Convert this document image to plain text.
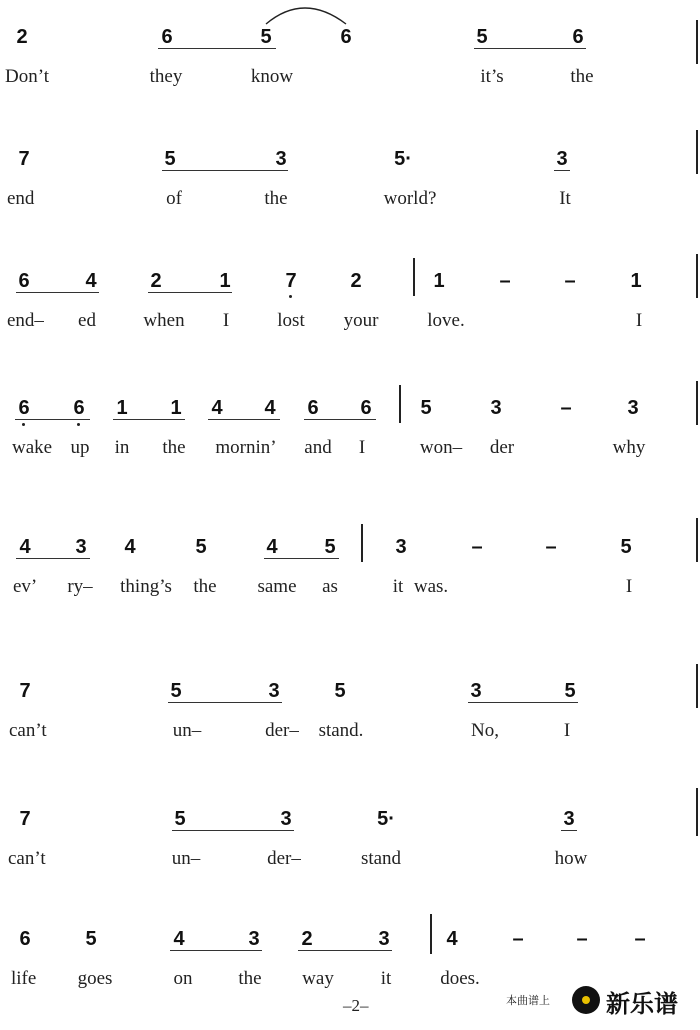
2	6	5	6	5	6
Don’t	they	know	it’s	the
7	5	3	5·	3
end	of	the	world?	It
6	4	2	1	7	2	1	–	–	1
end– ed when I	lost your	love.	I
6 6 1 1 4 4 6 6 5	3	–	3
wake up in the mornin’ and I	won– der	why
4 3 4	5	4 5	3	–	–	5
ev’ ry– thing’s the same as	it was.	I
7	5	3	5	3	5
can’t	un–	der– stand.	No,	I
7	5	3	5·	3
can’t	un–	der–	stand	how
6	5	4	3 2	3	4	–	– –
life goes	on the way it	does.
–2–	本曲谱上 新乐谱
